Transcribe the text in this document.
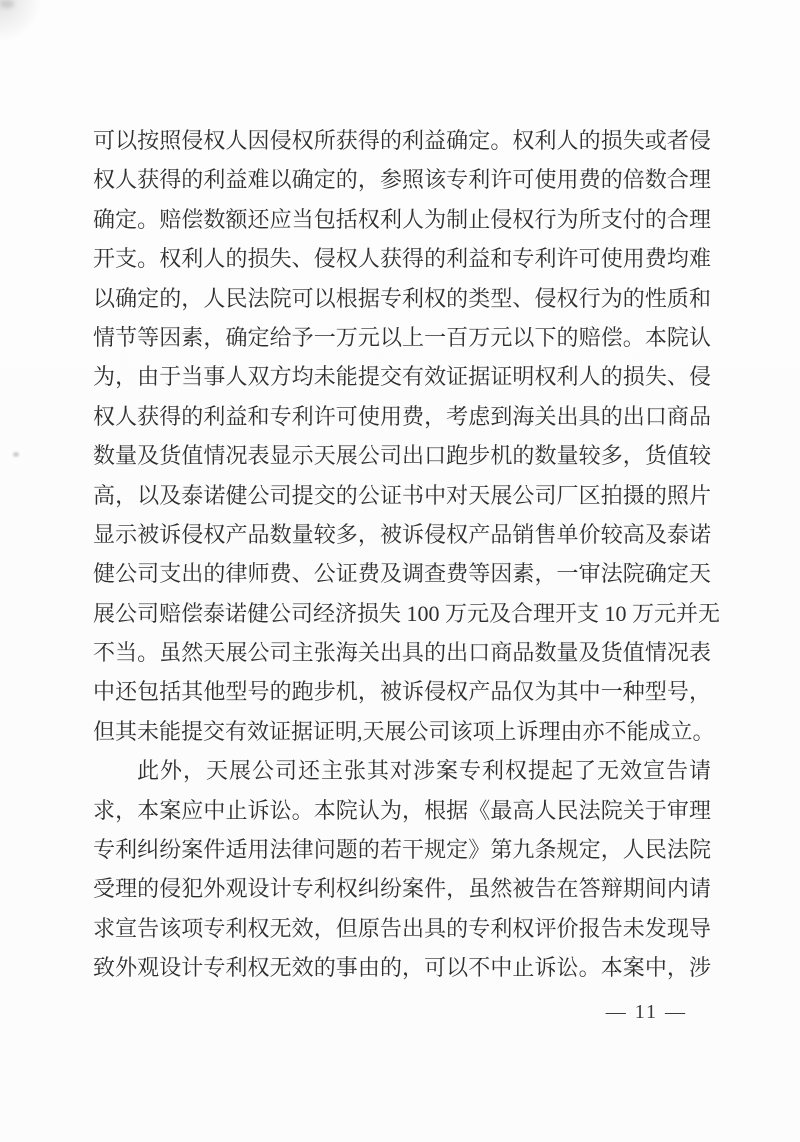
可以按照侵权人因侵权所获得的利益确定。权利人的损失或者侵
权人获得的利益难以确定的，参照该专利许可使用费的倍数合理
确定。赔偿数额还应当包括权利人为制止侵权行为所支付的合理
开支。权利人的损失、侵权人获得的利益和专利许可使用费均难
以确定的，人民法院可以根据专利权的类型、侵权行为的性质和
情节等因素，确定给予一万元以上一百万元以下的赔偿。本院认
为，由于当事人双方均未能提交有效证据证明权利人的损失、侵
权人获得的利益和专利许可使用费，考虑到海关出具的出口商品
数量及货值情况表显示天展公司出口跑步机的数量较多，货值较
高，以及泰诺健公司提交的公证书中对天展公司厂区拍摄的照片
显示被诉侵权产品数量较多，被诉侵权产品销售单价较高及泰诺
健公司支出的律师费、公证费及调查费等因素，一审法院确定天
展公司赔偿泰诺健公司经济损失 100 万元及合理开支 10 万元并无
不当。虽然天展公司主张海关出具的出口商品数量及货值情况表
中还包括其他型号的跑步机，被诉侵权产品仅为其中一种型号，
但其未能提交有效证据证明,天展公司该项上诉理由亦不能成立。
此外，天展公司还主张其对涉案专利权提起了无效宣告请
求，本案应中止诉讼。本院认为，根据《最高人民法院关于审理
专利纠纷案件适用法律问题的若干规定》第九条规定，人民法院
受理的侵犯外观设计专利权纠纷案件，虽然被告在答辩期间内请
求宣告该项专利权无效，但原告出具的专利权评价报告未发现导
致外观设计专利权无效的事由的，可以不中止诉讼。本案中，涉
— 11 —
